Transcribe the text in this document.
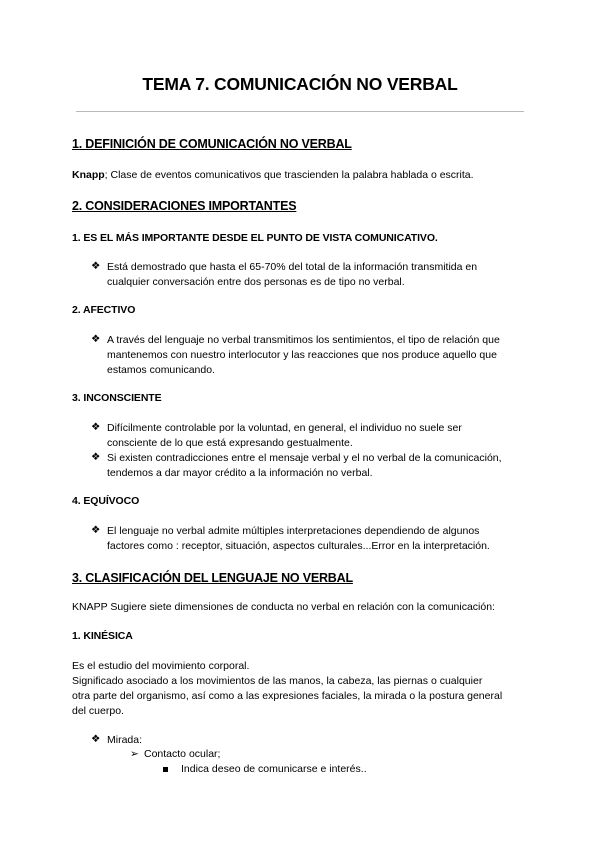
TEMA 7. COMUNICACIÓN NO VERBAL
1. DEFINICIÓN DE COMUNICACIÓN NO VERBAL
Knapp; Clase de eventos comunicativos que trascienden la palabra hablada o escrita.
2. CONSIDERACIONES IMPORTANTES
1. ES EL MÁS IMPORTANTE DESDE EL PUNTO DE VISTA COMUNICATIVO.
❖ Está demostrado que hasta el 65-70% del total de la información transmitida en
cualquier conversación entre dos personas es de tipo no verbal.
2. AFECTIVO
❖ A través del lenguaje no verbal transmitimos los sentimientos, el tipo de relación que
mantenemos con nuestro interlocutor y las reacciones que nos produce aquello que
estamos comunicando.
3. INCONSCIENTE
❖ Difícilmente controlable por la voluntad, en general, el individuo no suele ser
consciente de lo que está expresando gestualmente.
❖ Si existen contradicciones entre el mensaje verbal y el no verbal de la comunicación,
tendemos a dar mayor crédito a la información no verbal.
4. EQUÍVOCO
❖ El lenguaje no verbal admite múltiples interpretaciones dependiendo de algunos
factores como : receptor, situación, aspectos culturales...Error en la interpretación.
3. CLASIFICACIÓN DEL LENGUAJE NO VERBAL
KNAPP Sugiere siete dimensiones de conducta no verbal en relación con la comunicación:
1. KINÉSICA
Es el estudio del movimiento corporal.
Significado asociado a los movimientos de las manos, la cabeza, las piernas o cualquier
otra parte del organismo, así como a las expresiones faciales, la mirada o la postura general
del cuerpo.
❖ Mirada:
➢ Contacto ocular;
Indica deseo de comunicarse e interés..
